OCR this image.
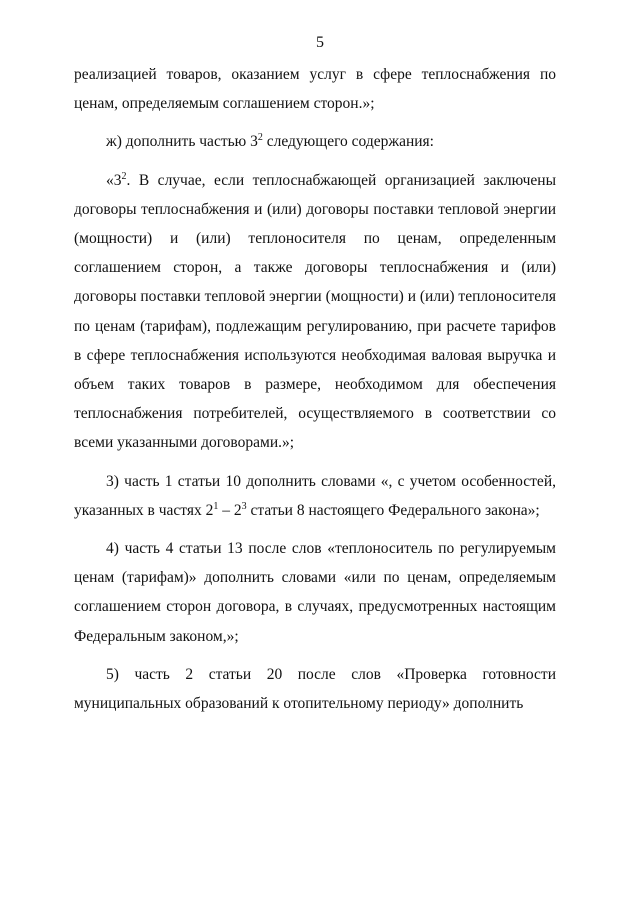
5

реализацией товаров, оказанием услуг в сфере теплоснабжения по ценам, определяемым соглашением сторон.»;

ж) дополнить частью $3^2$ следующего содержания:

«$3^2$. В случае, если теплоснабжающей организацией заключены договоры теплоснабжения и (или) договоры поставки тепловой энергии (мощности) и (или) теплоносителя по ценам, определенным соглашением сторон, а также договоры теплоснабжения и (или) договоры поставки тепловой энергии (мощности) и (или) теплоносителя по ценам (тарифам), подлежащим регулированию, при расчете тарифов в сфере теплоснабжения используются необходимая валовая выручка и объем таких товаров в размере, необходимом для обеспечения теплоснабжения потребителей, осуществляемого в соответствии со всеми указанными договорами.»;

3) часть 1 статьи 10 дополнить словами «, с учетом особенностей, указанных в частях $2^1 - 2^3$ статьи 8 настоящего Федерального закона»;

4) часть 4 статьи 13 после слов «теплоноситель по регулируемым ценам (тарифам)» дополнить словами «или по ценам, определяемым соглашением сторон договора, в случаях, предусмотренных настоящим Федеральным законом,»;

5) часть 2 статьи 20 после слов «Проверка готовности муниципальных образований к отопительному периоду» дополнить
